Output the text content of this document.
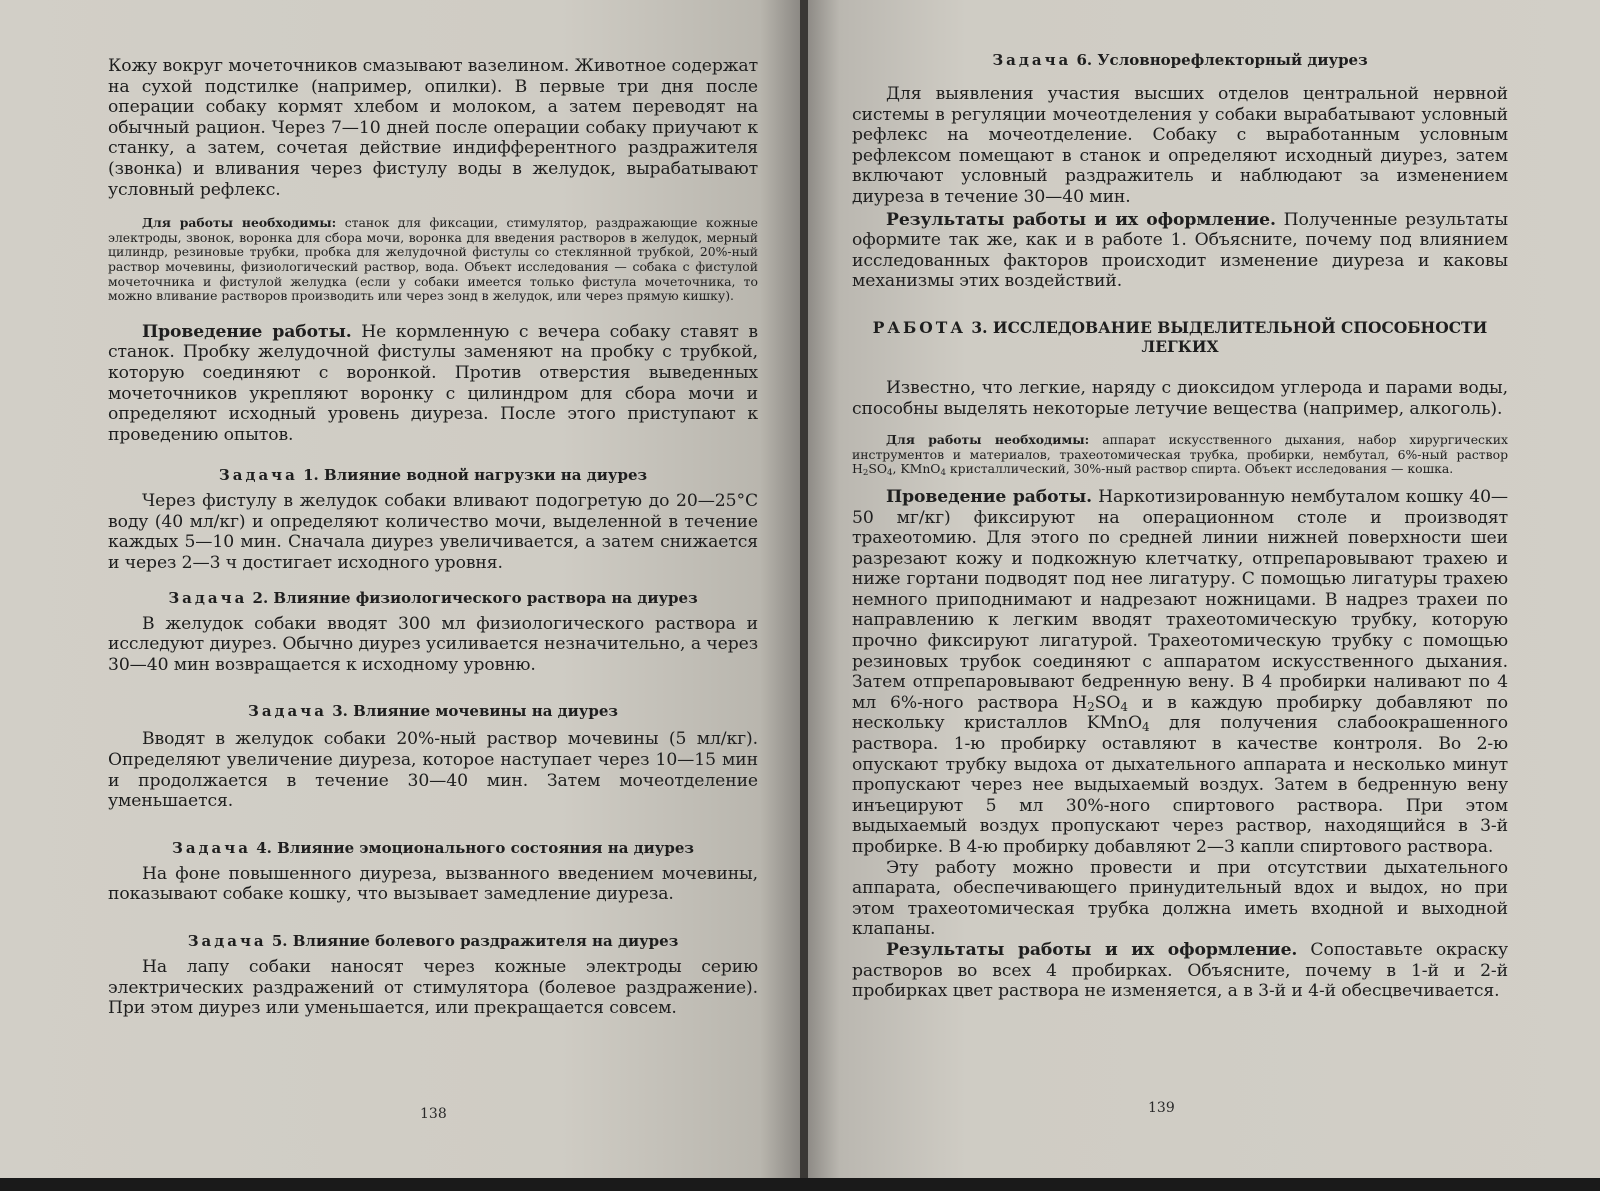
Кожу вокруг мочеточников смазывают вазелином. Животное содержат на сухой подстилке (например, опилки). В первые три дня после операции собаку кормят хлебом и молоком, а затем переводят на обычный рацион. Через 7—10 дней после операции собаку приучают к станку, а затем, сочетая действие индифферентного раздражителя (звонка) и вливания через фистулу воды в желудок, вырабатывают условный рефлекс.

Для работы необходимы: станок для фиксации, стимулятор, раздражающие кожные электроды, звонок, воронка для сбора мочи, воронка для введения растворов в желудок, мерный цилиндр, резиновые трубки, пробка для желудочной фистулы со стеклянной трубкой, 20%-ный раствор мочевины, физиологический раствор, вода. Объект исследования — собака с фистулой мочеточника и фистулой желудка (если у собаки имеется только фистула мочеточника, то можно вливание растворов производить или через зонд в желудок, или через прямую кишку).

Проведение работы. Не кормленную с вечера собаку ставят в станок. Пробку желудочной фистулы заменяют на пробку с трубкой, которую соединяют с воронкой. Против отверстия выведенных мочеточников укрепляют воронку с цилиндром для сбора мочи и определяют исходный уровень диуреза. После этого приступают к проведению опытов.

Задача 1. Влияние водной нагрузки на диурез

Через фистулу в желудок собаки вливают подогретую до 20—25°С воду (40 мл/кг) и определяют количество мочи, выделенной в течение каждых 5—10 мин. Сначала диурез увеличивается, а затем снижается и через 2—3 ч достигает исходного уровня.

Задача 2. Влияние физиологического раствора на диурез

В желудок собаки вводят 300 мл физиологического раствора и исследуют диурез. Обычно диурез усиливается незначительно, а через 30—40 мин возвращается к исходному уровню.

Задача 3. Влияние мочевины на диурез

Вводят в желудок собаки 20%-ный раствор мочевины (5 мл/кг). Определяют увеличение диуреза, которое наступает через 10—15 мин и продолжается в течение 30—40 мин. Затем мочеотделение уменьшается.

Задача 4. Влияние эмоционального состояния на диурез

На фоне повышенного диуреза, вызванного введением мочевины, показывают собаке кошку, что вызывает замедление диуреза.

Задача 5. Влияние болевого раздражителя на диурез

На лапу собаки наносят через кожные электроды серию электрических раздражений от стимулятора (болевое раздражение). При этом диурез или уменьшается, или прекращается совсем.

138

Задача 6. Условнорефлекторный диурез

Для выявления участия высших отделов центральной нервной системы в регуляции мочеотделения у собаки вырабатывают условный рефлекс на мочеотделение. Собаку с выработанным условным рефлексом помещают в станок и определяют исходный диурез, затем включают условный раздражитель и наблюдают за изменением диуреза в течение 30—40 мин.

Результаты работы и их оформление. Полученные результаты оформите так же, как и в работе 1. Объясните, почему под влиянием исследованных факторов происходит изменение диуреза и каковы механизмы этих воздействий.

РАБОТА 3. ИССЛЕДОВАНИЕ ВЫДЕЛИТЕЛЬНОЙ СПОСОБНОСТИ ЛЕГКИХ

Известно, что легкие, наряду с диоксидом углерода и парами воды, способны выделять некоторые летучие вещества (например, алкоголь).

Для работы необходимы: аппарат искусственного дыхания, набор хирургических инструментов и материалов, трахеотомическая трубка, пробирки, нембутал, 6%-ный раствор $H_2SO_4$, KMnO$_4$ кристаллический, 30%-ный раствор спирта. Объект исследования — кошка.

Проведение работы. Наркотизированную нембуталом кошку 40—50 мг/кг) фиксируют на операционном столе и производят трахеотомию. Для этого по средней линии нижней поверхности шеи разрезают кожу и подкожную клетчатку, отпрепаровывают трахею и ниже гортани подводят под нее лигатуру. С помощью лигатуры трахею немного приподнимают и надрезают ножницами. В надрез трахеи по направлению к легким вводят трахеотомическую трубку, которую прочно фиксируют лигатурой. Трахеотомическую трубку с помощью резиновых трубок соединяют с аппаратом искусственного дыхания. Затем отпрепаровывают бедренную вену. В 4 пробирки наливают по 4 мл 6%-ного раствора $H_2SO_4$ и в каждую пробирку добавляют по нескольку кристаллов KMnO$_4$ для получения слабоокрашенного раствора. 1-ю пробирку оставляют в качестве контроля. Во 2-ю опускают трубку выдоха от дыхательного аппарата и несколько минут пропускают через нее выдыхаемый воздух. Затем в бедренную вену инъецируют 5 мл 30%-ного спиртового раствора. При этом выдыхаемый воздух пропускают через раствор, находящийся в 3-й пробирке. В 4-ю пробирку добавляют 2—3 капли спиртового раствора.

Эту работу можно провести и при отсутствии дыхательного аппарата, обеспечивающего принудительный вдох и выдох, но при этом трахеотомическая трубка должна иметь входной и выходной клапаны.

Результаты работы и их оформление. Сопоставьте окраску растворов во всех 4 пробирках. Объясните, почему в 1-й и 2-й пробирках цвет раствора не изменяется, а в 3-й и 4-й обесцвечивается.

139
